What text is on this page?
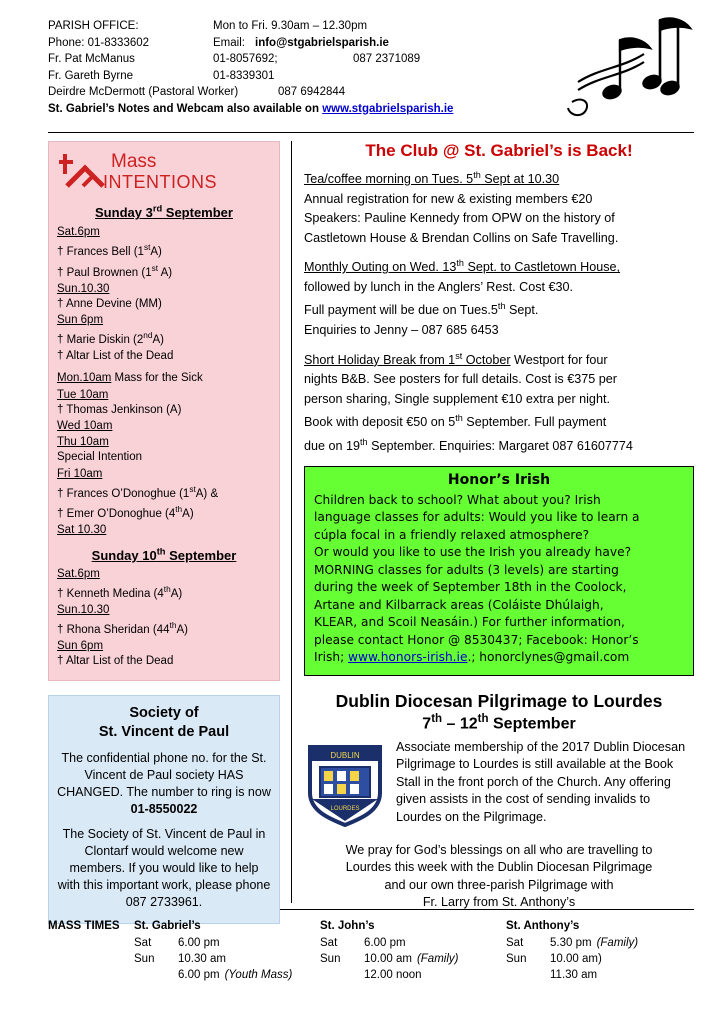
PARISH OFFICE:	Mon to Fri. 9.30am – 12.30pm
Phone: 01-8333602	Email: info@stgabrielsparish.ie
Fr. Pat McManus	01-8057692;	087 2371089
Fr. Gareth Byrne	01-8339301
Deirdre McDermott (Pastoral Worker)	087 6942844
St. Gabriel’s Notes and Webcam also available on www.stgabrielsparish.ie
Mass
INTENTIONS
Sunday 3rd September
Sat.6pm
† Frances Bell (1stA)
† Paul Brownen (1st A)
Sun.10.30
† Anne Devine (MM)
Sun 6pm
† Marie Diskin (2ndA)
† Altar List of the Dead
Mon.10am Mass for the Sick
Tue 10am
† Thomas Jenkinson (A)
Wed 10am
Thu 10am
Special Intention
Fri 10am
† Frances O’Donoghue (1stA) &
† Emer O’Donoghue (4thA)
Sat 10.30
Sunday 10th September
Sat.6pm
† Kenneth Medina (4thA)
Sun.10.30
† Rhona Sheridan (44thA)
Sun 6pm
† Altar List of the Dead
Society of
St. Vincent de Paul
The confidential phone no. for the St. Vincent de Paul society HAS CHANGED. The number to ring is now 01-8550022
The Society of St. Vincent de Paul in Clontarf would welcome new members. If you would like to help with this important work, please phone 087 2733961.
The Club @ St. Gabriel’s is Back!
Tea/coffee morning on Tues. 5th Sept at 10.30
Annual registration for new & existing members €20
Speakers: Pauline Kennedy from OPW on the history of
Castletown House & Brendan Collins on Safe Travelling.
Monthly Outing on Wed. 13th Sept. to Castletown House,
followed by lunch in the Anglers’ Rest. Cost €30.
Full payment will be due on Tues.5th Sept.
Enquiries to Jenny – 087 685 6453
Short Holiday Break from 1st October Westport for four
nights B&B. See posters for full details. Cost is €375 per
person sharing, Single supplement €10 extra per night.
Book with deposit €50 on 5th September. Full payment
due on 19th September. Enquiries: Margaret 087 61607774
Honor’s Irish
Children back to school? What about you? Irish
language classes for adults: Would you like to learn a
cúpla focal in a friendly relaxed atmosphere?
Or would you like to use the Irish you already have?
MORNING classes for adults (3 levels) are starting
during the week of September 18th in the Coolock,
Artane and Kilbarrack areas (Coláiste Dhúlaigh,
KLEAR, and Scoil Neasáin.) For further information,
please contact Honor @ 8530437; Facebook: Honor’s
Irish; www.honors-irish.ie.; honorclynes@gmail.com
Dublin Diocesan Pilgrimage to Lourdes
7th – 12th September
DUBLIN
LOURDES
Associate membership of the 2017 Dublin Diocesan Pilgrimage to Lourdes is still available at the Book Stall in the front porch of the Church. Any offering given assists in the cost of sending invalids to Lourdes on the Pilgrimage.
We pray for God’s blessings on all who are travelling to
Lourdes this week with the Dublin Diocesan Pilgrimage
and our own three-parish Pilgrimage with
Fr. Larry from St. Anthony’s
MASS TIMES	St. Gabriel’s
Sat	6.00 pm
Sun	10.30 am
6.00 pm (Youth Mass)
St. John’s
Sat	6.00 pm
Sun	10.00 am (Family)
12.00 noon
St. Anthony’s
Sat	5.30 pm (Family)
Sun	10.00 am)
11.30 am
